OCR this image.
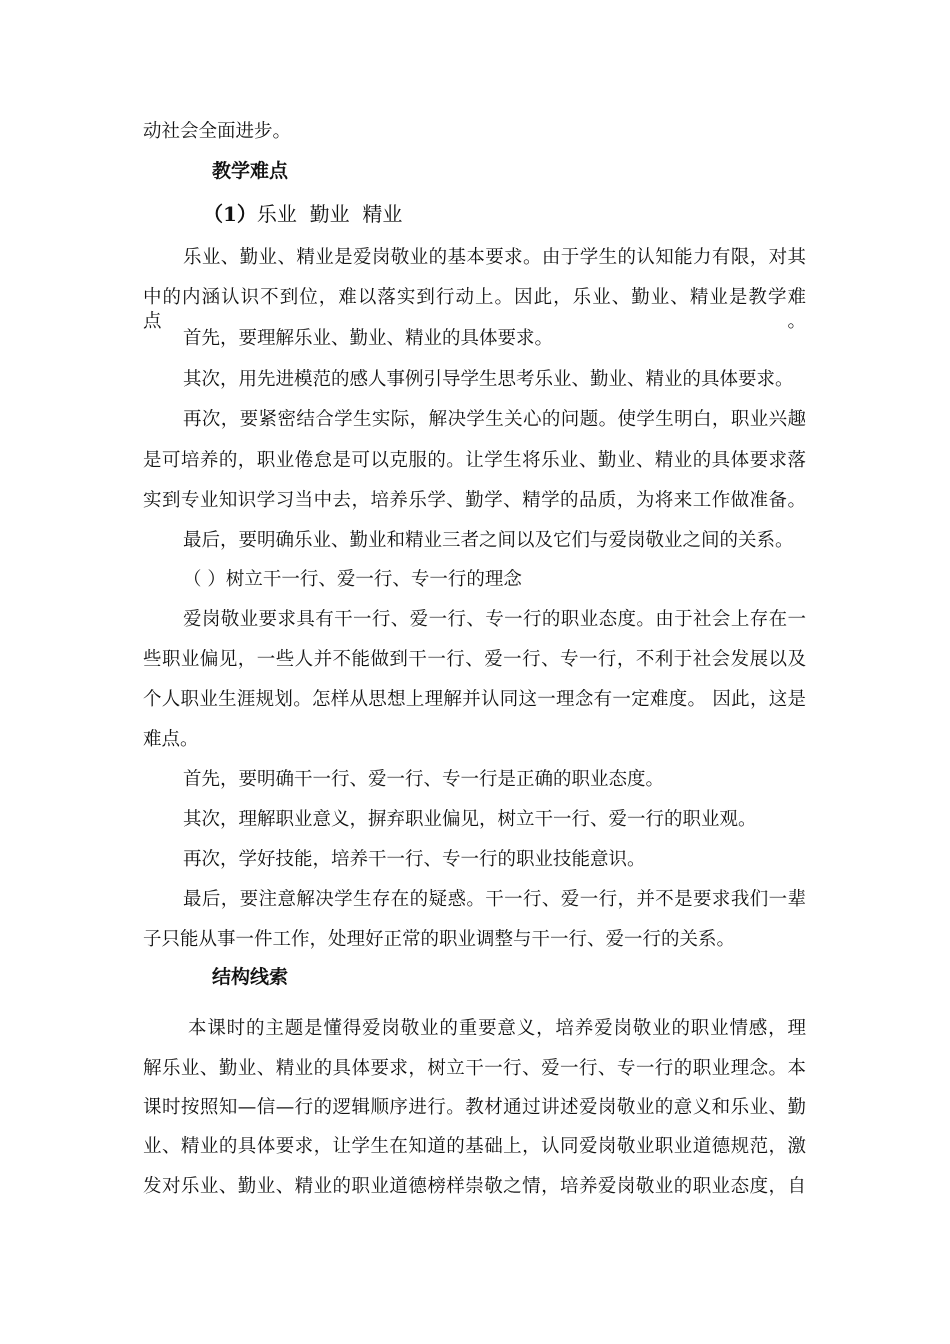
动社会全面进步。
教学难点
（1）乐业  勤业  精业
乐业、勤业、精业是爱岗敬业的基本要求。由于学生的认知能力有限，对其
中的内涵认识不到位，难以落实到行动上。因此，乐业、勤业、精业是教学难点。
首先，要理解乐业、勤业、精业的具体要求。
其次，用先进模范的感人事例引导学生思考乐业、勤业、精业的具体要求。
再次，要紧密结合学生实际，解决学生关心的问题。使学生明白，职业兴趣
是可培养的，职业倦怠是可以克服的。让学生将乐业、勤业、精业的具体要求落
实到专业知识学习当中去，培养乐学、勤学、精学的品质，为将来工作做准备。
最后，要明确乐业、勤业和精业三者之间以及它们与爱岗敬业之间的关系。
（ ）树立干一行、爱一行、专一行的理念
爱岗敬业要求具有干一行、爱一行、专一行的职业态度。由于社会上存在一
些职业偏见，一些人并不能做到干一行、爱一行、专一行，不利于社会发展以及
个人职业生涯规划。怎样从思想上理解并认同这一理念有一定难度。 因此，这是
难点。
首先，要明确干一行、爱一行、专一行是正确的职业态度。
其次，理解职业意义，摒弃职业偏见，树立干一行、爱一行的职业观。
再次，学好技能，培养干一行、专一行的职业技能意识。
最后，要注意解决学生存在的疑惑。干一行、爱一行，并不是要求我们一辈
子只能从事一件工作，处理好正常的职业调整与干一行、爱一行的关系。
结构线索
本课时的主题是懂得爱岗敬业的重要意义，培养爱岗敬业的职业情感，理
解乐业、勤业、精业的具体要求，树立干一行、爱一行、专一行的职业理念。本
课时按照知—信—行的逻辑顺序进行。教材通过讲述爱岗敬业的意义和乐业、勤
业、精业的具体要求，让学生在知道的基础上，认同爱岗敬业职业道德规范，激
发对乐业、勤业、精业的职业道德榜样崇敬之情，培养爱岗敬业的职业态度，自
